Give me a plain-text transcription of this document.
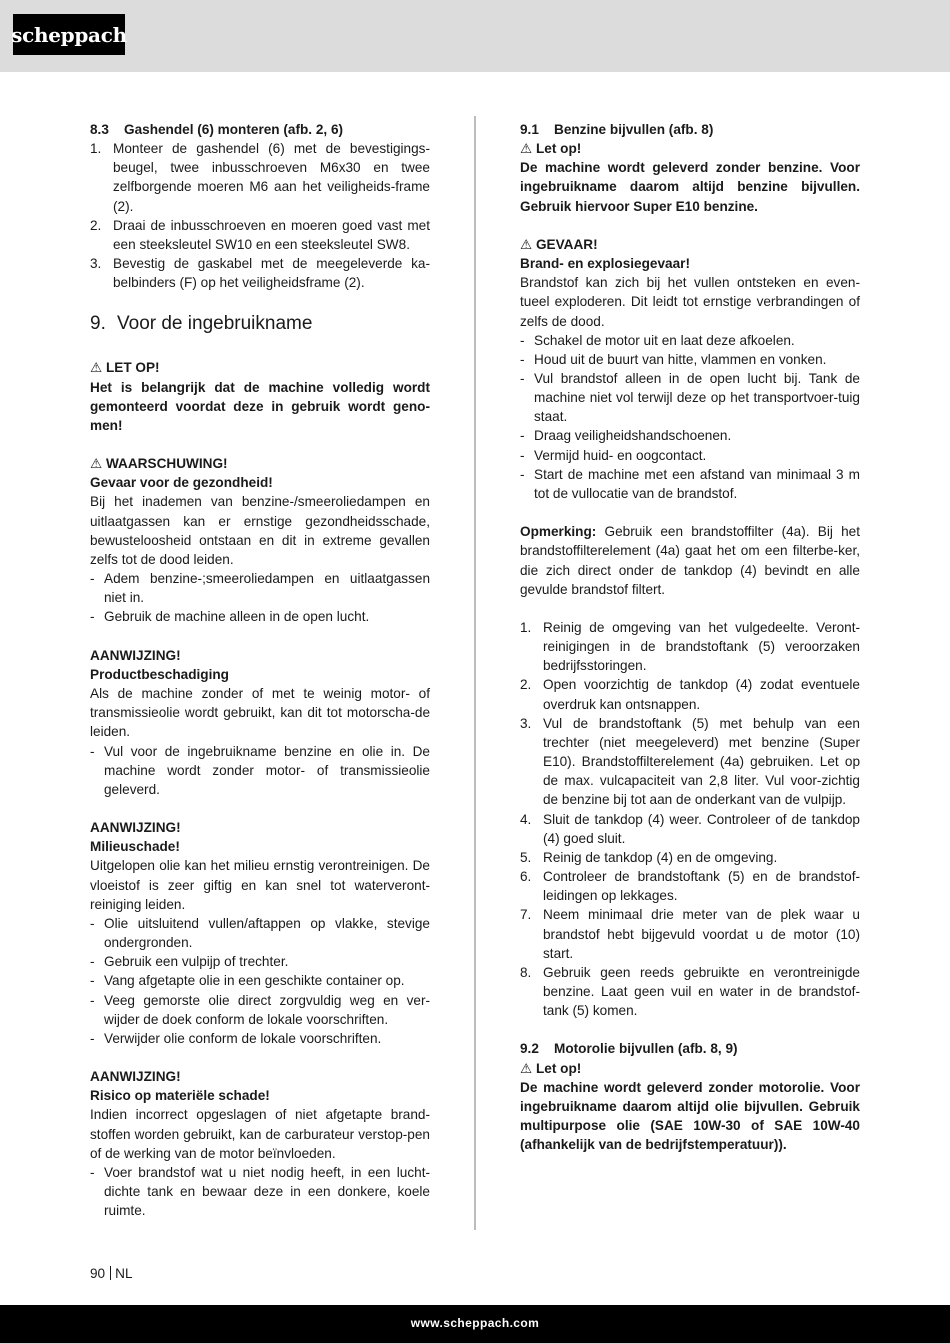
scheppach
8.3 Gashendel (6) monteren (afb. 2, 6)
1. Monteer de gashendel (6) met de bevestigings-beugel, twee inbusschroeven M6x30 en twee zelfborgende moeren M6 aan het veiligheids-frame (2).
2. Draai de inbusschroeven en moeren goed vast met een steeksleutel SW10 en een steeksleutel SW8.
3. Bevestig de gaskabel met de meegeleverde ka-belbinders (F) op het veiligheidsframe (2).
9. Voor de ingebruikname
⚠ LET OP!

Het is belangrijk dat de machine volledig wordt gemonteerd voordat deze in gebruik wordt geno-men!

⚠ WAARSCHUWING!
Gevaar voor de gezondheid!

Bij het inademen van benzine-/smeeroliedampen en uitlaatgassen kan er ernstige gezondheidsschade, bewusteloosheid ontstaan en dit in extreme gevallen zelfs tot de dood leiden.

- Adem benzine-;smeeroliedampen en uitlaatgassen niet in.
- Gebruik de machine alleen in de open lucht.
AANWIJZING!
Productbeschadiging

Als de machine zonder of met te weinig motor- of transmissieolie wordt gebruikt, kan dit tot motorscha-de leiden.

- Vul voor de ingebruikname benzine en olie in. De machine wordt zonder motor- of transmissieolie geleverd.
AANWIJZING!
Milieuschade!

Uitgelopen olie kan het milieu ernstig verontreinigen. De vloeistof is zeer giftig en kan snel tot waterveront-reiniging leiden.

- Olie uitsluitend vullen/aftappen op vlakke, stevige ondergronden.
- Gebruik een vulpijp of trechter.
- Vang afgetapte olie in een geschikte container op.
- Veeg gemorste olie direct zorgvuldig weg en ver-wijder de doek conform de lokale voorschriften.
- Verwijder olie conform de lokale voorschriften.
AANWIJZING!
Risico op materiële schade!

Indien incorrect opgeslagen of niet afgetapte brand-stoffen worden gebruikt, kan de carburateur verstop-pen of de werking van de motor beïnvloeden.

- Voer brandstof wat u niet nodig heeft, in een lucht-dichte tank en bewaar deze in een donkere, koele ruimte.
9.1 Benzine bijvullen (afb. 8)
⚠ Let op!

De machine wordt geleverd zonder benzine. Voor ingebruikname daarom altijd benzine bijvullen. Gebruik hiervoor Super E10 benzine.

⚠ GEVAAR!
Brand- en explosiegevaar!

Brandstof kan zich bij het vullen ontsteken en even-tueel exploderen. Dit leidt tot ernstige verbrandingen of zelfs de dood.

- Schakel de motor uit en laat deze afkoelen.
- Houd uit de buurt van hitte, vlammen en vonken.
- Vul brandstof alleen in de open lucht bij. Tank de machine niet vol terwijl deze op het transportvoer-tuig staat.
- Draag veiligheidshandschoenen.
- Vermijd huid- en oogcontact.
- Start de machine met een afstand van minimaal 3 m tot de vullocatie van de brandstof.

Opmerking: Gebruik een brandstoffilter (4a). Bij het brandstoffilterelement (4a) gaat het om een filterbe-ker, die zich direct onder de tankdop (4) bevindt en alle gevulde brandstof filtert.

1. Reinig de omgeving van het vulgedeelte. Veront-reinigingen in de brandstoftank (5) veroorzaken bedrijfsstoringen.
2. Open voorzichtig de tankdop (4) zodat eventuele overdruk kan ontsnappen.
3. Vul de brandstoftank (5) met behulp van een trechter (niet meegeleverd) met benzine (Super E10). Brandstoffilterelement (4a) gebruiken. Let op de max. vulcapaciteit van 2,8 liter. Vul voor-zichtig de benzine bij tot aan de onderkant van de vulpijp.
4. Sluit de tankdop (4) weer. Controleer of de tankdop (4) goed sluit.
5. Reinig de tankdop (4) en de omgeving.
6. Controleer de brandstoftank (5) en de brandstof-leidingen op lekkages.
7. Neem minimaal drie meter van de plek waar u brandstof hebt bijgevuld voordat u de motor (10) start.
8. Gebruik geen reeds gebruikte en verontreinigde benzine. Laat geen vuil en water in de brandstof-tank (5) komen.
9.2 Motorolie bijvullen (afb. 8, 9)
⚠ Let op!

De machine wordt geleverd zonder motorolie. Voor ingebruikname daarom altijd olie bijvullen. Gebruik multipurpose olie (SAE 10W-30 of SAE 10W-40 (afhankelijk van de bedrijfstemperatuur)).

90 NL
www.scheppach.com
